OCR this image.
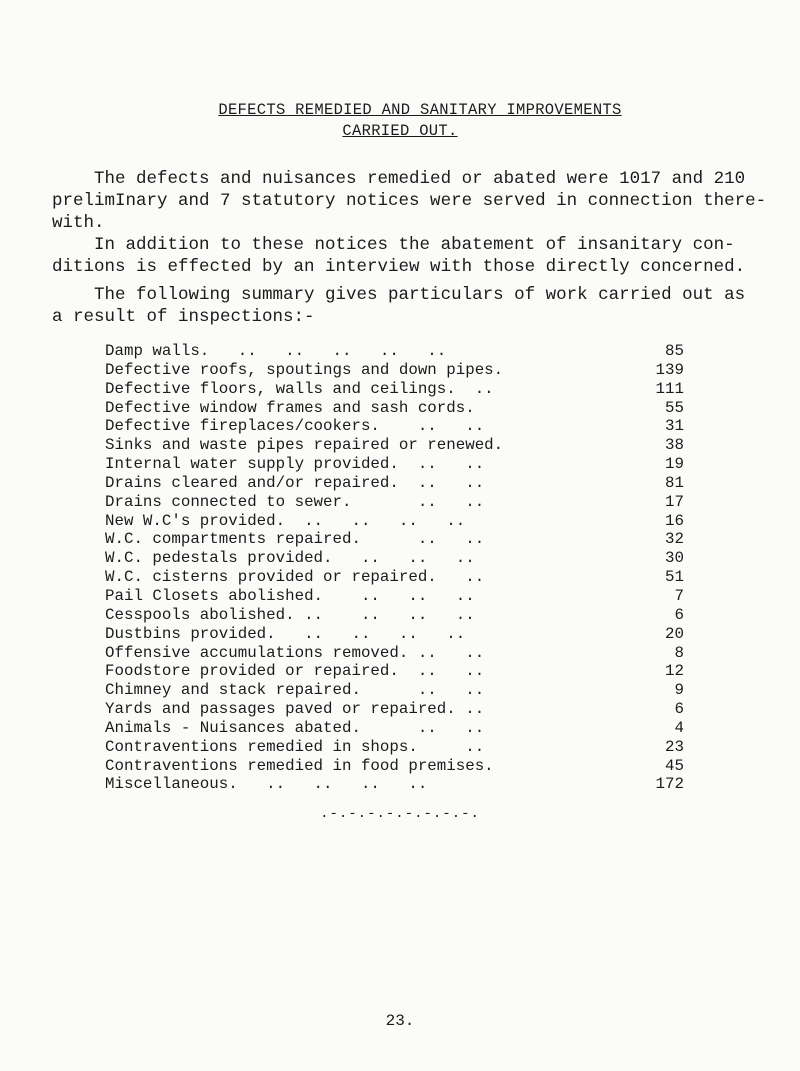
DEFECTS REMEDIED AND SANITARY IMPROVEMENTS
CARRIED OUT.
The defects and nuisances remedied or abated were 1017 and 210
prelimInary and 7 statutory notices were served in connection there-
with.
In addition to these notices the abatement of insanitary con-
ditions is effected by an interview with those directly concerned.
The following summary gives particulars of work carried out as
a result of inspections:-
Damp walls.   ..   ..   ..   ..   ..	85
Defective roofs, spoutings and down pipes.	139
Defective floors, walls and ceilings.  ..	111
Defective window frames and sash cords.	55
Defective fireplaces/cookers.    ..   ..	31
Sinks and waste pipes repaired or renewed.	38
Internal water supply provided.  ..   ..	19
Drains cleared and/or repaired.  ..   ..	81
Drains connected to sewer.       ..   ..	17
New W.C's provided.  ..   ..   ..   ..	16
W.C. compartments repaired.      ..   ..	32
W.C. pedestals provided.   ..   ..   ..	30
W.C. cisterns provided or repaired.   ..	51
Pail Closets abolished.    ..   ..   ..	7
Cesspools abolished. ..    ..   ..   ..	6
Dustbins provided.   ..   ..   ..   ..	20
Offensive accumulations removed. ..   ..	8
Foodstore provided or repaired.  ..   ..	12
Chimney and stack repaired.      ..   ..	9
Yards and passages paved or repaired. ..	6
Animals - Nuisances abated.      ..   ..	4
Contraventions remedied in shops.     ..	23
Contraventions remedied in food premises.	45
Miscellaneous.   ..   ..   ..   ..	172
.-.-.-.-.-.-.-.-.
23.
